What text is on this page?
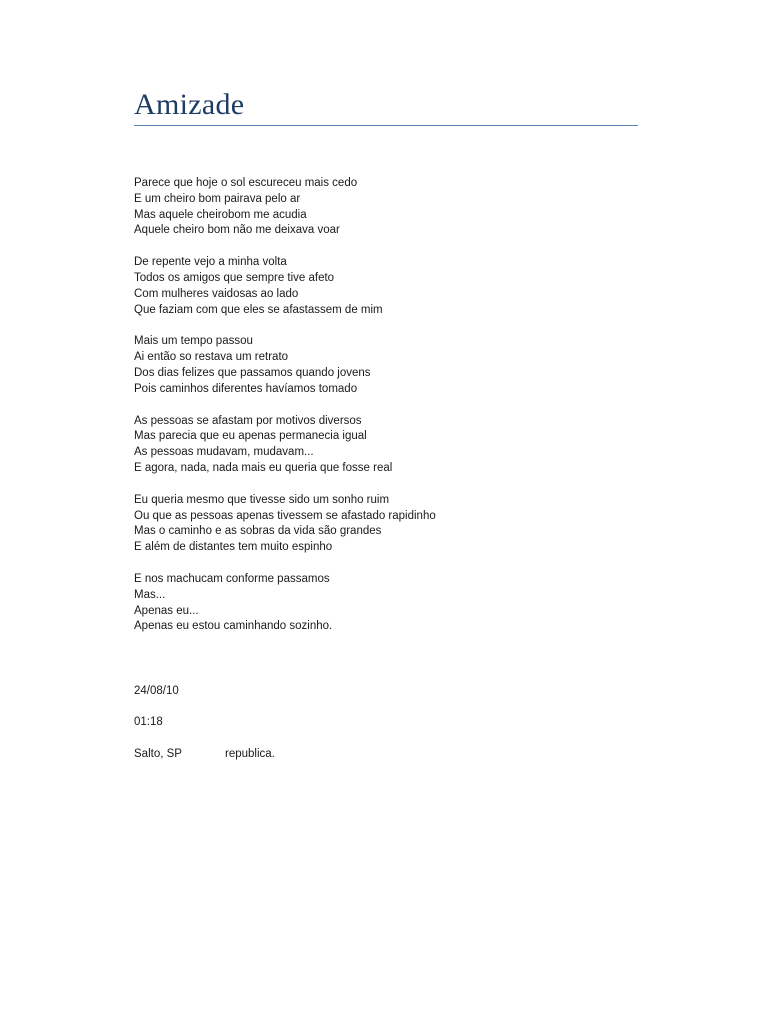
Amizade
Parece que hoje o sol escureceu mais cedo
E um cheiro bom pairava pelo ar
Mas aquele cheirobom me acudia
Aquele cheiro bom não me deixava voar
De repente vejo a minha volta
Todos os amigos que sempre tive afeto
Com mulheres vaidosas ao lado
Que faziam com que eles se afastassem de mim
Mais um tempo passou
Ai então so restava um retrato
Dos dias felizes que passamos quando jovens
Pois caminhos diferentes havíamos tomado
As pessoas se afastam por motivos diversos
Mas parecia que eu apenas permanecia igual
As pessoas mudavam, mudavam...
E agora, nada, nada mais eu queria que fosse real
Eu queria mesmo que tivesse sido um sonho ruim
Ou que as pessoas apenas tivessem se afastado rapidinho
Mas o caminho e as sobras da vida são grandes
E além de distantes tem muito espinho
E nos machucam conforme passamos
Mas...
Apenas eu...
Apenas eu estou caminhando sozinho.
24/08/10
01:18
Salto, SP	republica.
